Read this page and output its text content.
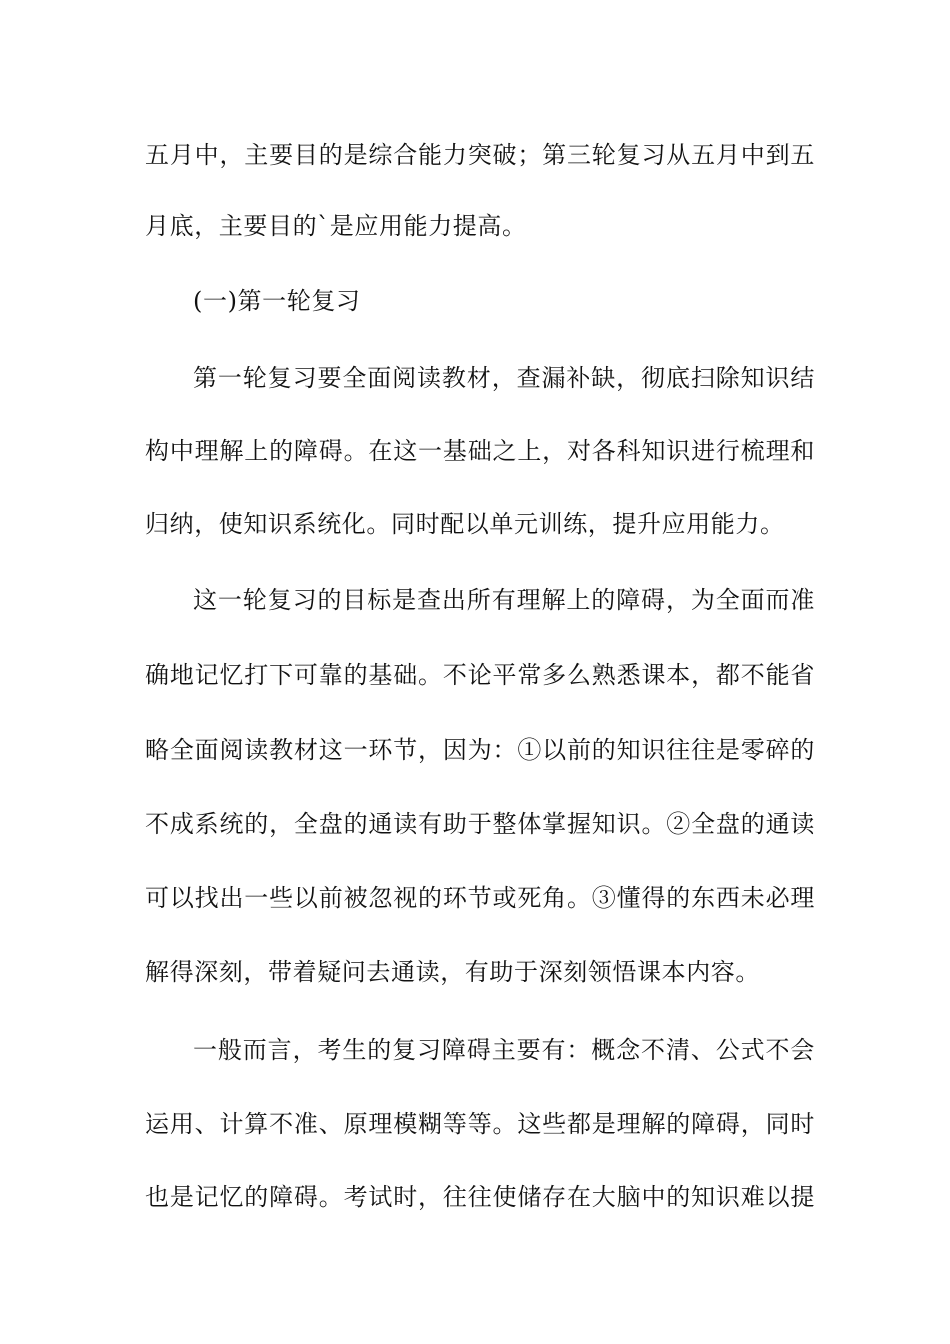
五月中，主要目的是综合能力突破；第三轮复习从五月中到五
月底，主要目的`是应用能力提高。
(一)第一轮复习
第一轮复习要全面阅读教材，查漏补缺，彻底扫除知识结
构中理解上的障碍。在这一基础之上，对各科知识进行梳理和
归纳，使知识系统化。同时配以单元训练，提升应用能力。
这一轮复习的目标是查出所有理解上的障碍，为全面而准
确地记忆打下可靠的基础。不论平常多么熟悉课本，都不能省
略全面阅读教材这一环节，因为：①以前的知识往往是零碎的
不成系统的，全盘的通读有助于整体掌握知识。②全盘的通读
可以找出一些以前被忽视的环节或死角。③懂得的东西未必理
解得深刻，带着疑问去通读，有助于深刻领悟课本内容。
一般而言，考生的复习障碍主要有：概念不清、公式不会
运用、计算不准、原理模糊等等。这些都是理解的障碍，同时
也是记忆的障碍。考试时，往往使储存在大脑中的知识难以提
